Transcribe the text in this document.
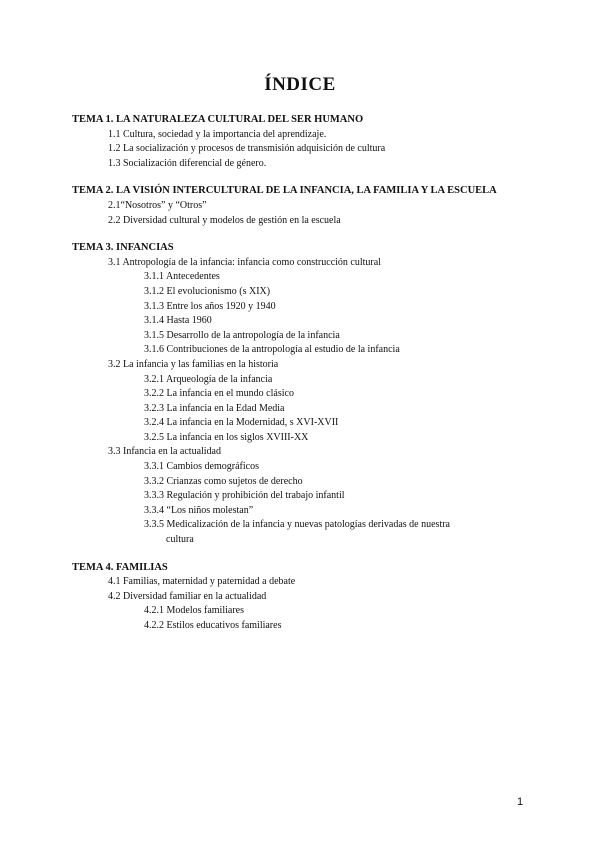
ÍNDICE
TEMA 1. LA NATURALEZA CULTURAL DEL SER HUMANO
1.1 Cultura, sociedad y la importancia del aprendizaje.
1.2 La socialización y procesos de transmisión adquisición de cultura
1.3 Socialización diferencial de género.
TEMA 2. LA VISIÓN INTERCULTURAL DE LA INFANCIA, LA FAMILIA Y LA ESCUELA
2.1“Nosotros” y “Otros”
2.2 Diversidad cultural y modelos de gestión en la escuela
TEMA 3. INFANCIAS
3.1 Antropología de la infancia: infancia como construcción cultural
3.1.1 Antecedentes
3.1.2 El evolucionismo (s XIX)
3.1.3 Entre los años 1920 y 1940
3.1.4 Hasta 1960
3.1.5 Desarrollo de la antropología de la infancia
3.1.6 Contribuciones de la antropología al estudio de la infancia
3.2 La infancia y las familias en la historia
3.2.1 Arqueología de la infancia
3.2.2 La infancia en el mundo clásico
3.2.3 La infancia en la Edad Media
3.2.4 La infancia en la Modernidad, s XVI-XVII
3.2.5 La infancia en los siglos XVIII-XX
3.3 Infancia en la actualidad
3.3.1 Cambios demográficos
3.3.2 Crianzas como sujetos de derecho
3.3.3 Regulación y prohibición del trabajo infantil
3.3.4 “Los niños molestan”
3.3.5 Medicalización de la infancia y nuevas patologías derivadas de nuestra
cultura
TEMA 4. FAMILIAS
4.1 Familias, maternidad y paternidad a debate
4.2 Diversidad familiar en la actualidad
4.2.1 Modelos familiares
4.2.2 Estilos educativos familiares
1
